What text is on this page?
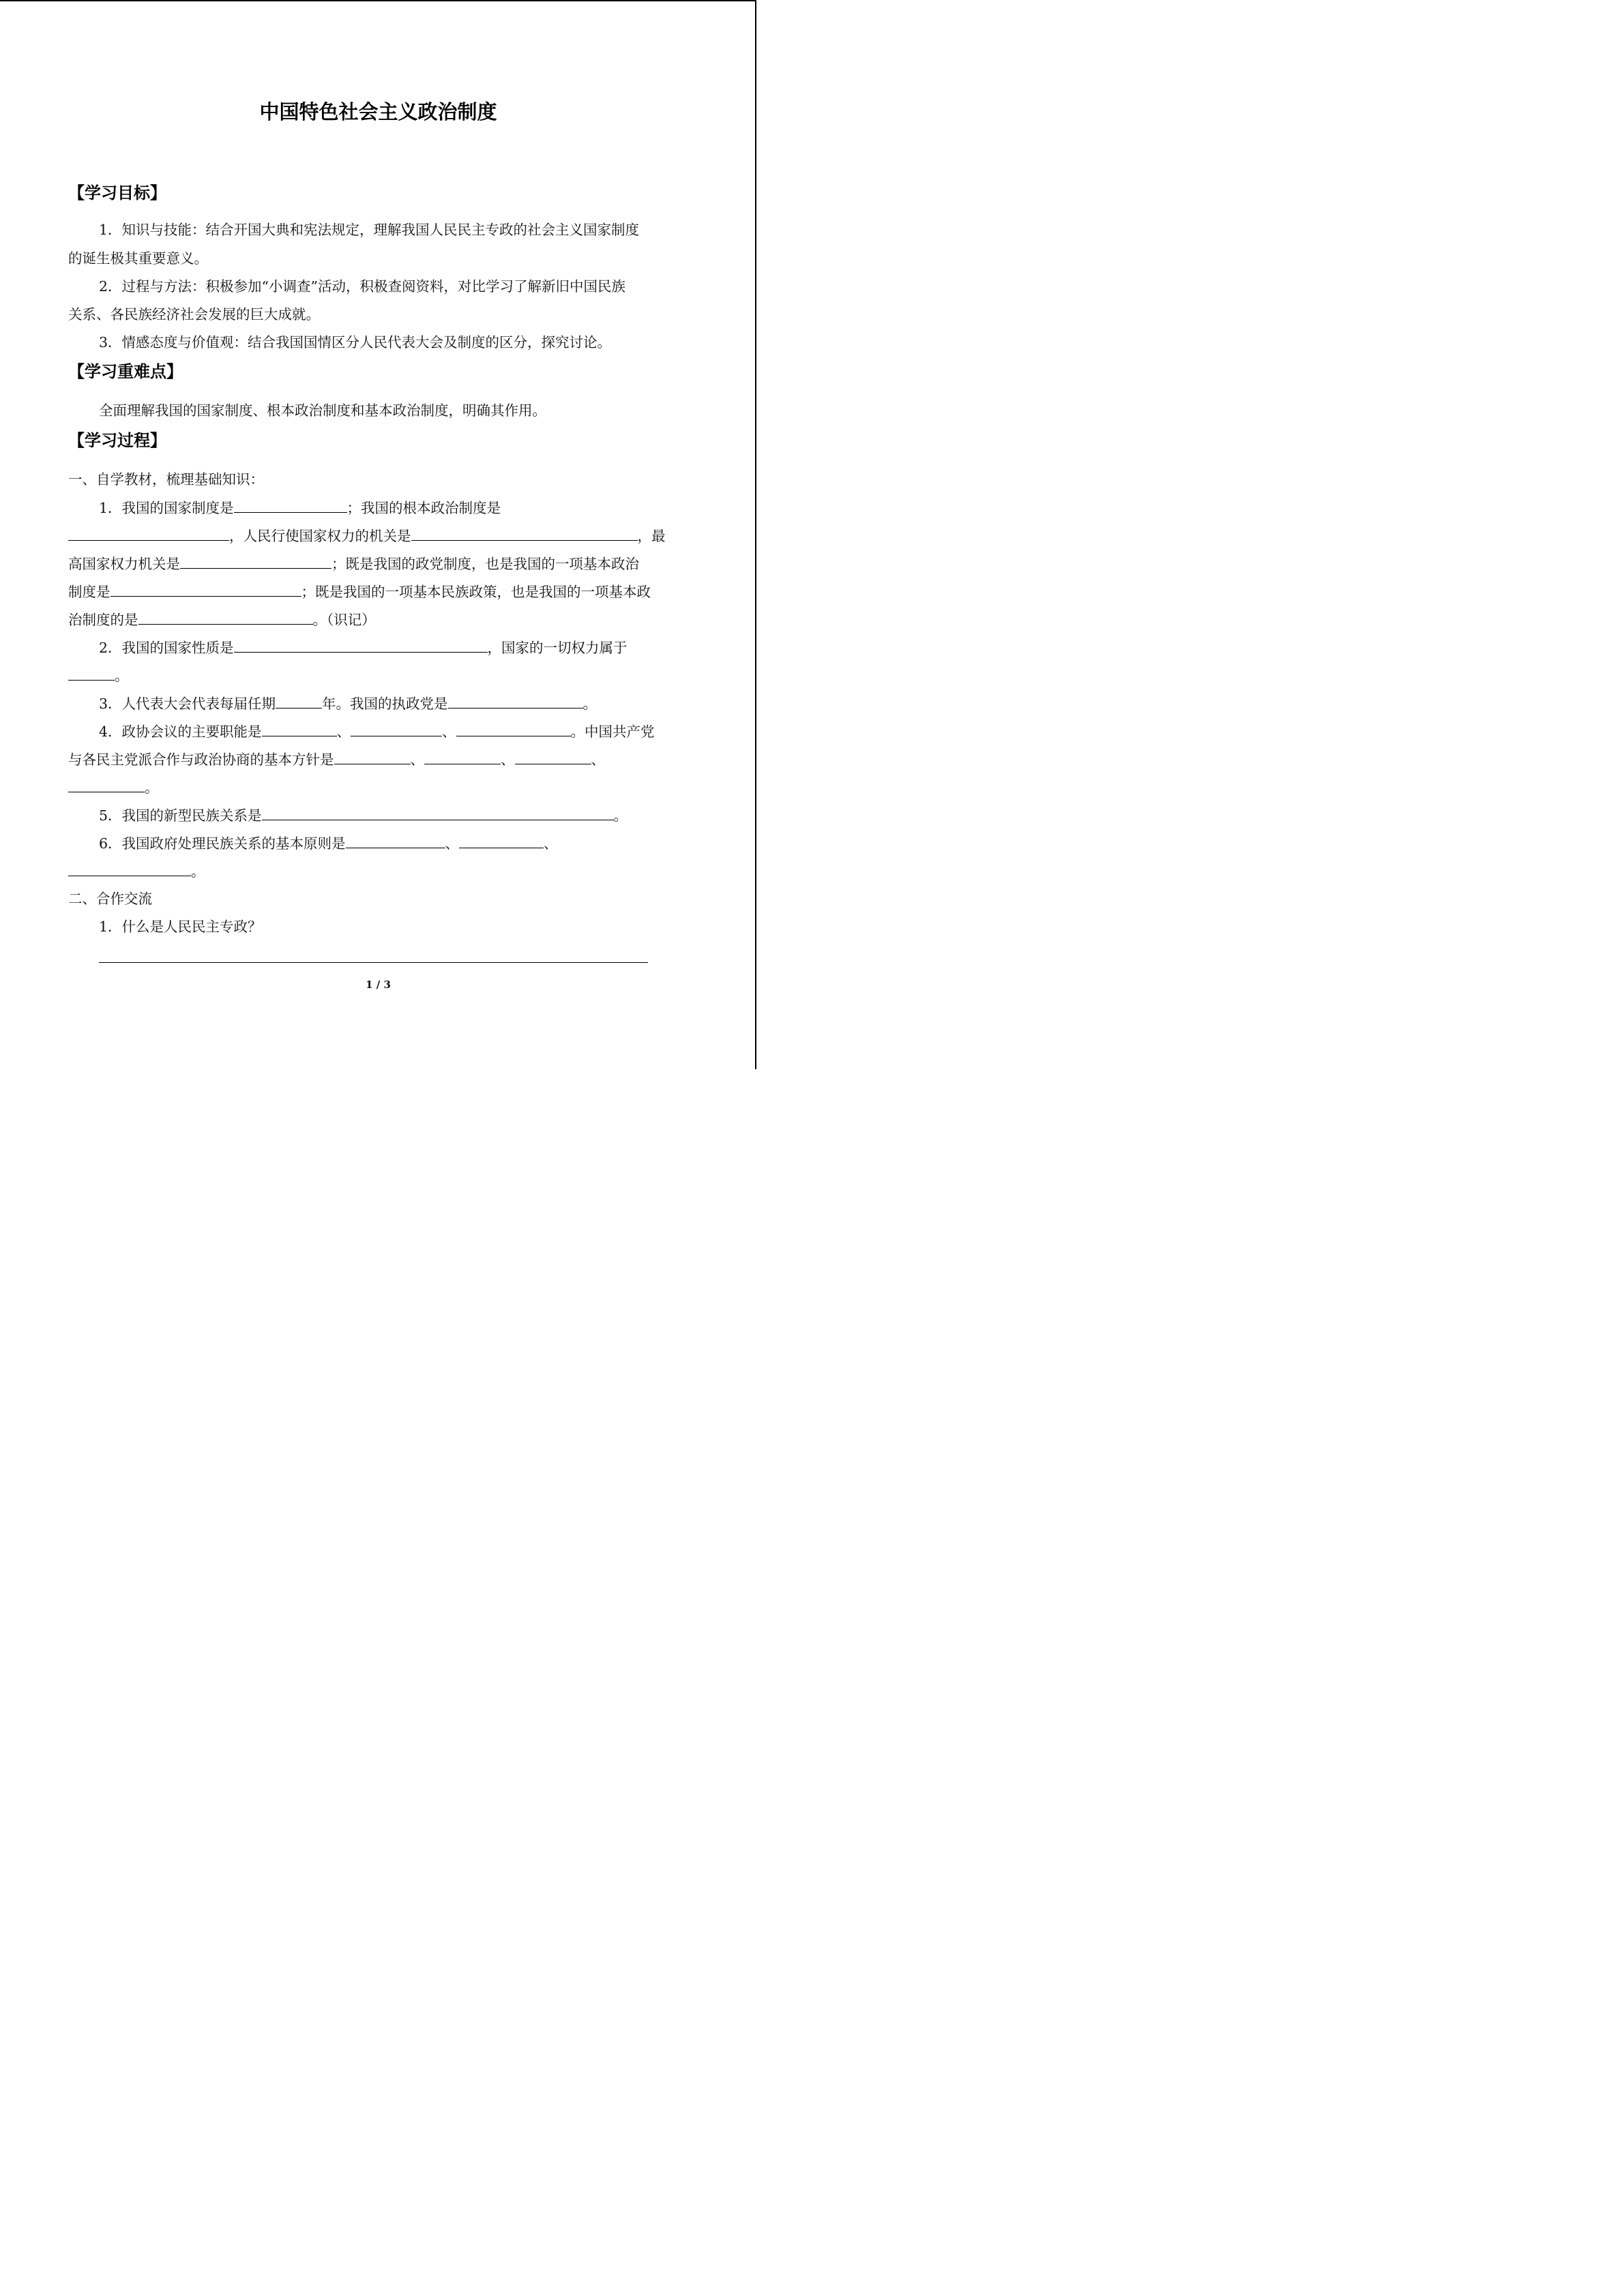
中国特色社会主义政治制度
【学习目标】
1．知识与技能：结合开国大典和宪法规定，理解我国人民民主专政的社会主义国家制度
的诞生极其重要意义。
2．过程与方法：积极参加“小调查”活动，积极查阅资料，对比学习了解新旧中国民族
关系、各民族经济社会发展的巨大成就。
3．情感态度与价值观：结合我国国情区分人民代表大会及制度的区分，探究讨论。
【学习重难点】
全面理解我国的国家制度、根本政治制度和基本政治制度，明确其作用。
【学习过程】
一、自学教材，梳理基础知识：
1．我国的国家制度是	；我国的根本政治制度是
，人民行使国家权力的机关是	，最
高国家权力机关是	；既是我国的政党制度，也是我国的一项基本政治
制度是	；既是我国的一项基本民族政策，也是我国的一项基本政
治制度的是	。（识记）
2．我国的国家性质是	，国家的一切权力属于
。
3．人代表大会代表每届任期	年。我国的执政党是	。
4．政协会议的主要职能是	、	、	。中国共产党
与各民主党派合作与政治协商的基本方针是	、	、	、
。
5．我国的新型民族关系是	。
6．我国政府处理民族关系的基本原则是	、	、
。
二、合作交流
1．什么是人民民主专政？
1 / 3
